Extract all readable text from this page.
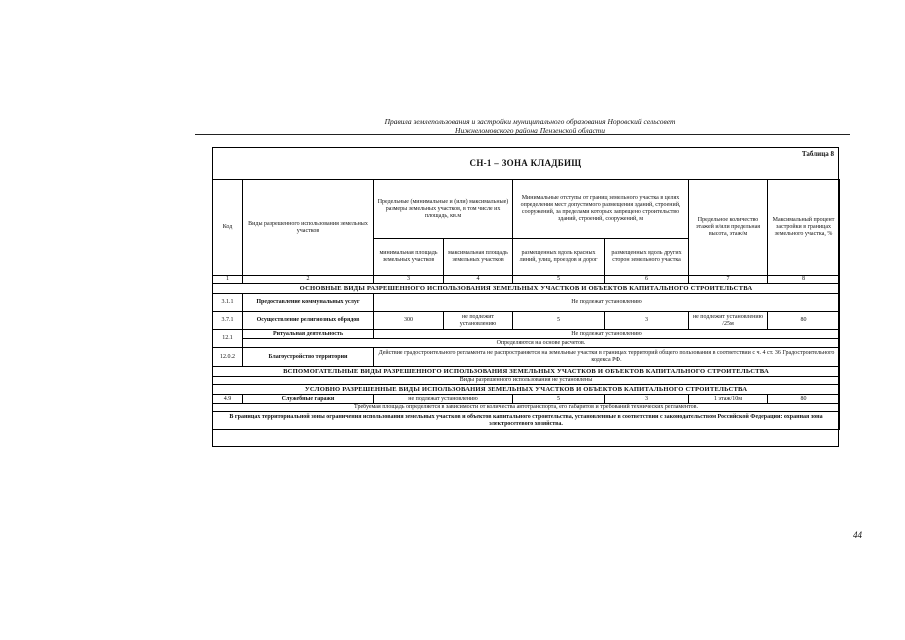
Правила землепользования и застройки муниципального образования Норовский сельсовет
Нижнеломовского района Пензенской области
Таблица 8
СН-1 – ЗОНА КЛАДБИЩ
Код	Виды разрешенного использования земельных участков	Предельные (минимальные и (или) максимальные) размеры земельных участков, в том числе их площадь, кв.м		Минимальные отступы от границ земельного участка в целях определения мест допустимого размещения зданий, строений, сооружений, за пределами которых запрещено строительство зданий, строений, сооружений, м		Предельное количество этажей и/или предельная высота, этаж/м	Максимальный процент застройки в границах земельного участка, %
		минимальная площадь земельных участков	максимальная площадь земельных участков	размещенных вдоль красных линий, улиц, проездов и дорог	размещенных вдоль других сторон земельного участка		
1	2	3	4	5	6	7	8
ОСНОВНЫЕ ВИДЫ РАЗРЕШЕННОГО ИСПОЛЬЗОВАНИЯ ЗЕМЕЛЬНЫХ УЧАСТКОВ И ОБЪЕКТОВ КАПИТАЛЬНОГО СТРОИТЕЛЬСТВА							
3.1.1	Предоставление коммунальных услуг	Не подлежат установлению					
3.7.1	Осуществление религиозных обрядов	300	не подлежит установлению	5	3	не подлежит установлению /25м	80
12.1	Ритуальная деятельность	Не подлежат установлению					
	Определяются на основе расчетов.						
12.0.2	Благоустройство территории	Действие градостроительного регламента не распространяется на земельные участки в границах территорий общего пользования в соответствии с ч. 4 ст. 36 Градостроительного кодекса РФ.					
ВСПОМОГАТЕЛЬНЫЕ ВИДЫ РАЗРЕШЕННОГО ИСПОЛЬЗОВАНИЯ ЗЕМЕЛЬНЫХ УЧАСТКОВ И ОБЪЕКТОВ КАПИТАЛЬНОГО СТРОИТЕЛЬСТВА							
Виды разрешенного использования не установлены							
УСЛОВНО РАЗРЕШЕННЫЕ ВИДЫ ИСПОЛЬЗОВАНИЯ ЗЕМЕЛЬНЫХ УЧАСТКОВ И ОБЪЕКТОВ КАПИТАЛЬНОГО СТРОИТЕЛЬСТВА							
4.9	Служебные гаражи	не подлежат установлению		5	3	1 этаж/10м	80
Требуемая площадь определяется в зависимости от количества автотранспорта, его габаритов и требований технических регламентов.							
В границах территориальной зоны ограничения использования земельных участков и объектов капитального строительства, установленные в соответствии с законодательством Российской Федерации: охранная зона электросетевого хозяйства.							
44
